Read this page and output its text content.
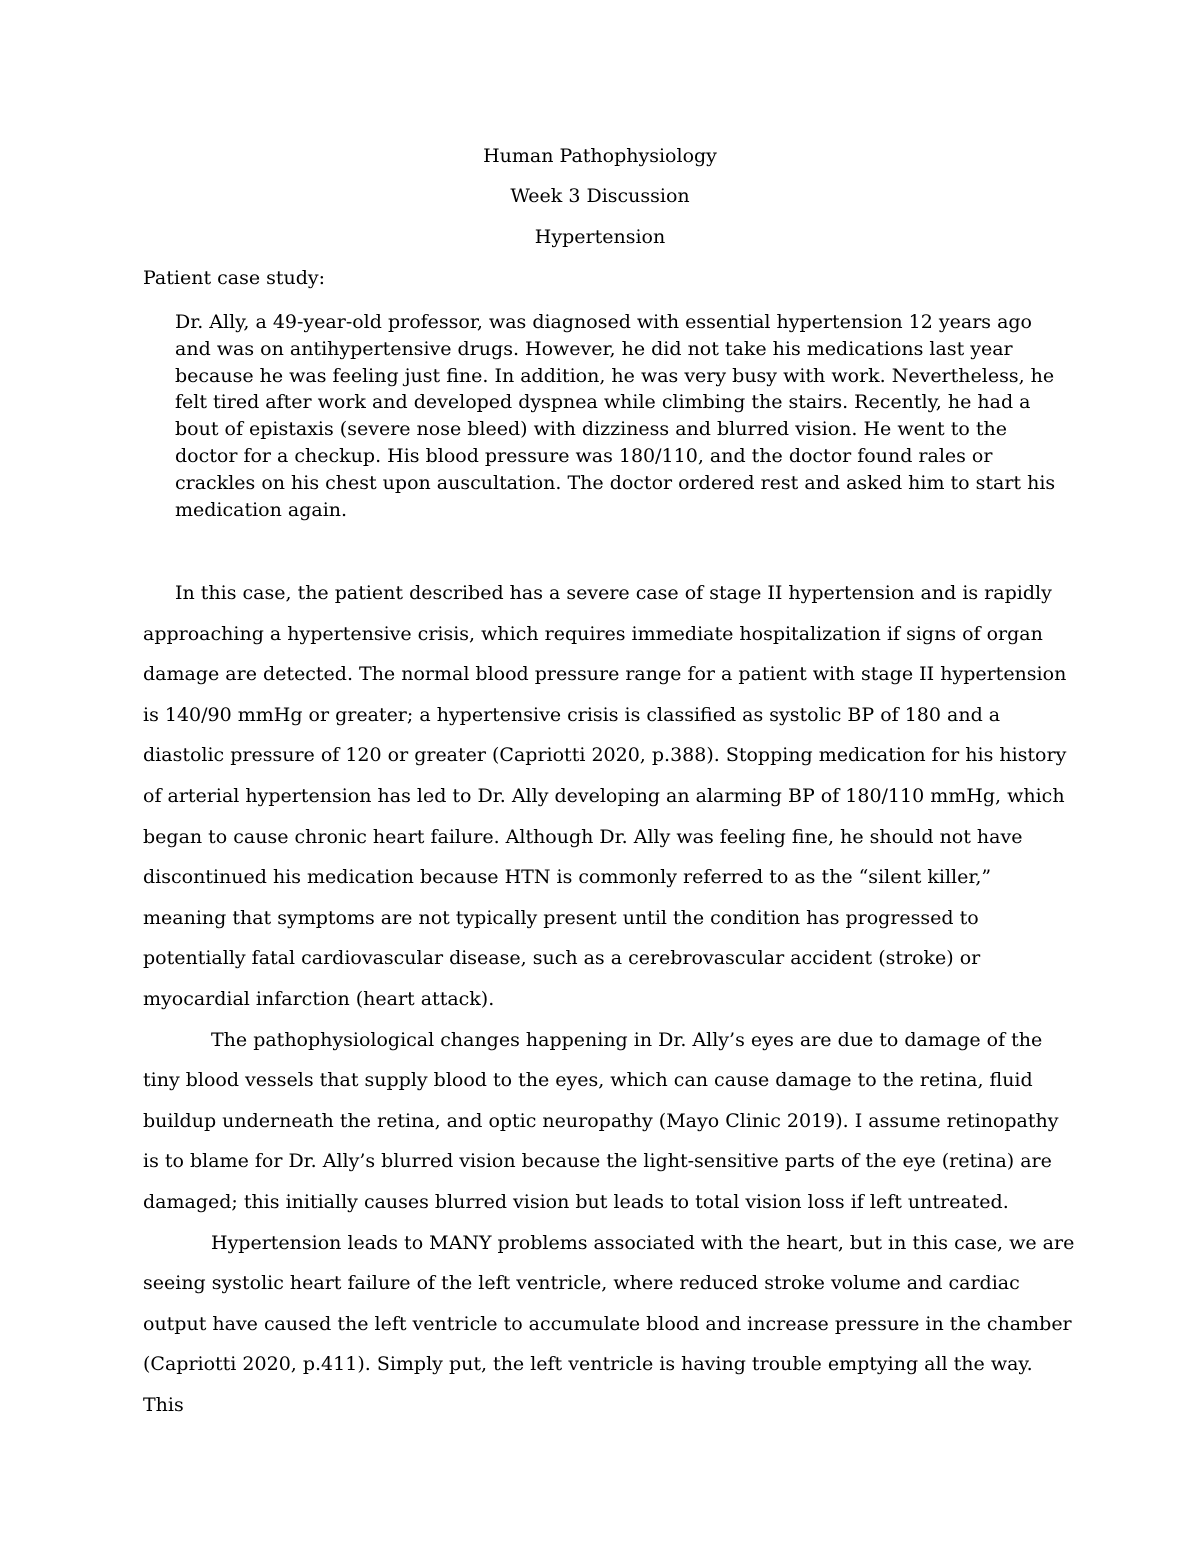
Human Pathophysiology
Week 3 Discussion
Hypertension
Patient case study:

Dr. Ally, a 49-year-old professor, was diagnosed with essential hypertension 12 years ago and was on antihypertensive drugs. However, he did not take his medications last year because he was feeling just fine. In addition, he was very busy with work. Nevertheless, he felt tired after work and developed dyspnea while climbing the stairs. Recently, he had a bout of epistaxis (severe nose bleed) with dizziness and blurred vision. He went to the doctor for a checkup. His blood pressure was 180/110, and the doctor found rales or crackles on his chest upon auscultation. The doctor ordered rest and asked him to start his medication again.

In this case, the patient described has a severe case of stage II hypertension and is rapidly approaching a hypertensive crisis, which requires immediate hospitalization if signs of organ damage are detected. The normal blood pressure range for a patient with stage II hypertension is 140/90 mmHg or greater; a hypertensive crisis is classified as systolic BP of 180 and a diastolic pressure of 120 or greater (Capriotti 2020, p.388). Stopping medication for his history of arterial hypertension has led to Dr. Ally developing an alarming BP of 180/110 mmHg, which began to cause chronic heart failure. Although Dr. Ally was feeling fine, he should not have discontinued his medication because HTN is commonly referred to as the “silent killer,” meaning that symptoms are not typically present until the condition has progressed to potentially fatal cardiovascular disease, such as a cerebrovascular accident (stroke) or myocardial infarction (heart attack).

The pathophysiological changes happening in Dr. Ally’s eyes are due to damage of the tiny blood vessels that supply blood to the eyes, which can cause damage to the retina, fluid buildup underneath the retina, and optic neuropathy (Mayo Clinic 2019). I assume retinopathy is to blame for Dr. Ally’s blurred vision because the light-sensitive parts of the eye (retina) are damaged; this initially causes blurred vision but leads to total vision loss if left untreated.

Hypertension leads to MANY problems associated with the heart, but in this case, we are seeing systolic heart failure of the left ventricle, where reduced stroke volume and cardiac output have caused the left ventricle to accumulate blood and increase pressure in the chamber (Capriotti 2020, p.411). Simply put, the left ventricle is having trouble emptying all the way. This
